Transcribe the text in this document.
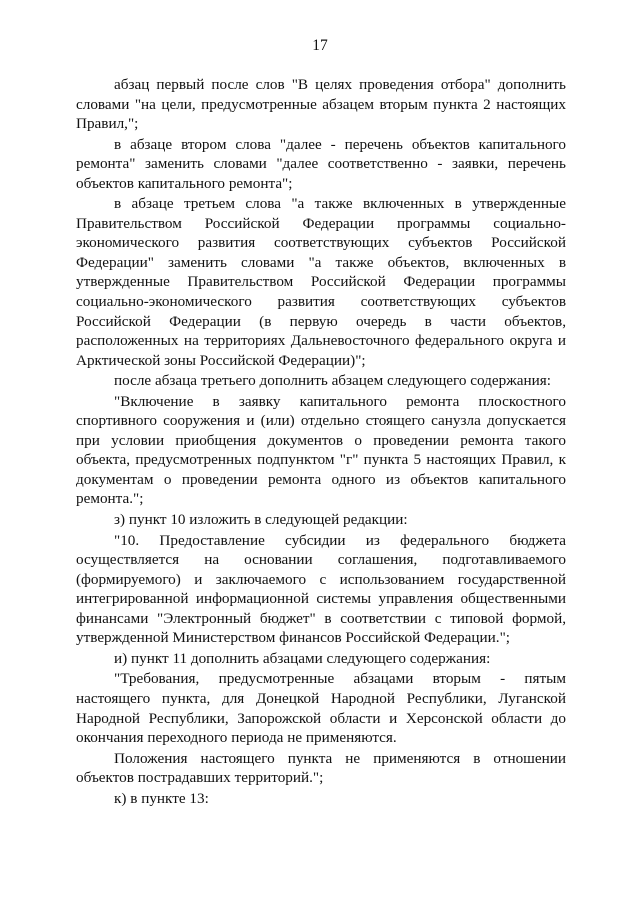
17

абзац первый после слов "В целях проведения отбора" дополнить словами "на цели, предусмотренные абзацем вторым пункта 2 настоящих Правил,";

в абзаце втором слова "далее - перечень объектов капитального ремонта" заменить словами "далее соответственно - заявки, перечень объектов капитального ремонта";

в абзаце третьем слова "а также включенных в утвержденные Правительством Российской Федерации программы социально-экономического развития соответствующих субъектов Российской Федерации" заменить словами "а также объектов, включенных в утвержденные Правительством Российской Федерации программы социально-экономического развития соответствующих субъектов Российской Федерации (в первую очередь в части объектов, расположенных на территориях Дальневосточного федерального округа и Арктической зоны Российской Федерации)";

после абзаца третьего дополнить абзацем следующего содержания:

"Включение в заявку капитального ремонта плоскостного спортивного сооружения и (или) отдельно стоящего санузла допускается при условии приобщения документов о проведении ремонта такого объекта, предусмотренных подпунктом "г" пункта 5 настоящих Правил, к документам о проведении ремонта одного из объектов капитального ремонта.";

з) пункт 10 изложить в следующей редакции:

"10. Предоставление субсидии из федерального бюджета осуществляется на основании соглашения, подготавливаемого (формируемого) и заключаемого с использованием государственной интегрированной информационной системы управления общественными финансами "Электронный бюджет" в соответствии с типовой формой, утвержденной Министерством финансов Российской Федерации.";

и) пункт 11 дополнить абзацами следующего содержания:

"Требования, предусмотренные абзацами вторым - пятым настоящего пункта, для Донецкой Народной Республики, Луганской Народной Республики, Запорожской области и Херсонской области до окончания переходного периода не применяются.

Положения настоящего пункта не применяются в отношении объектов пострадавших территорий.";

к) в пункте 13:
